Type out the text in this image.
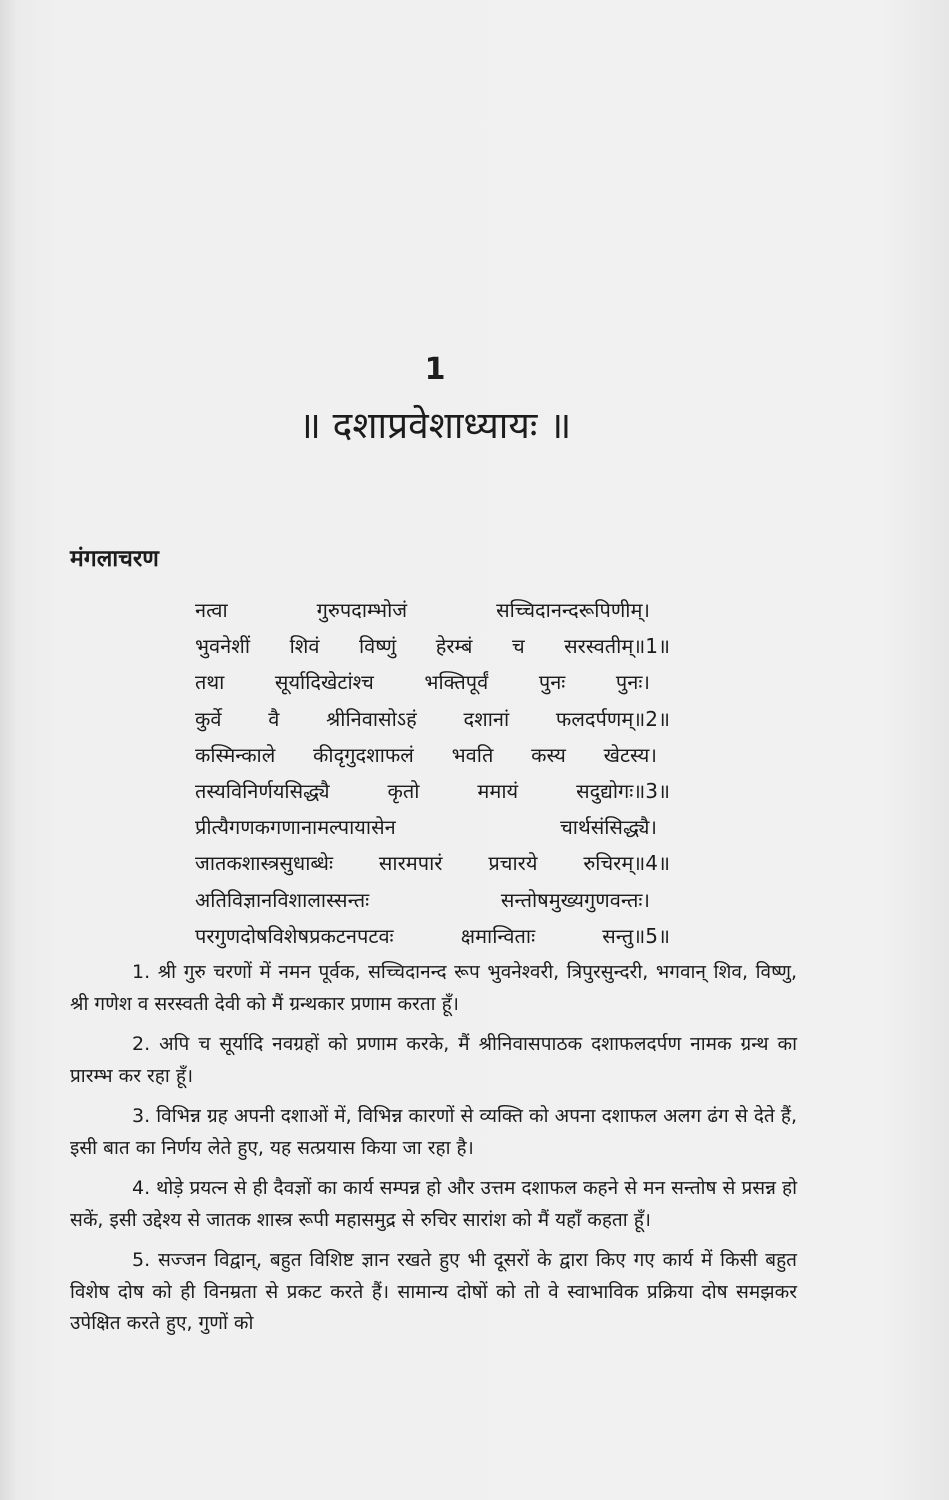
1
॥ दशाप्रवेशाध्यायः ॥
मंगलाचरण
नत्वा गुरुपदाम्भोजं सच्चिदानन्दरूपिणीम्।
भुवनेशीं शिवं विष्णुं हेरम्बं च सरस्वतीम्॥1॥
तथा सूर्यादिखेटांश्च भक्तिपूर्वं पुनः पुनः।
कुर्वे वै श्रीनिवासोऽहं दशानां फलदर्पणम्॥2॥
कस्मिन्काले कीदृगुदशाफलं भवति कस्य खेटस्य।
तस्यविनिर्णयसिद्ध्यै कृतो ममायं सदुद्योगः॥3॥
प्रीत्यैगणकगणानामल्पायासेन चार्थसंसिद्ध्यै।
जातकशास्त्रसुधाब्धेः सारमपारं प्रचारये रुचिरम्॥4॥
अतिविज्ञानविशालास्सन्तः सन्तोषमुख्यगुणवन्तः।
परगुणदोषविशेषप्रकटनपटवः क्षमान्विताः सन्तु॥5॥

1. श्री गुरु चरणों में नमन पूर्वक, सच्चिदानन्द रूप भुवनेश्वरी, त्रिपुरसुन्दरी, भगवान् शिव, विष्णु, श्री गणेश व सरस्वती देवी को मैं ग्रन्थकार प्रणाम करता हूँ।

2. अपि च सूर्यादि नवग्रहों को प्रणाम करके, मैं श्रीनिवासपाठक दशाफलदर्पण नामक ग्रन्थ का प्रारम्भ कर रहा हूँ।

3. विभिन्न ग्रह अपनी दशाओं में, विभिन्न कारणों से व्यक्ति को अपना दशाफल अलग ढंग से देते हैं, इसी बात का निर्णय लेते हुए, यह सत्प्रयास किया जा रहा है।

4. थोड़े प्रयत्न से ही दैवज्ञों का कार्य सम्पन्न हो और उत्तम दशाफल कहने से मन सन्तोष से प्रसन्न हो सकें, इसी उद्देश्य से जातक शास्त्र रूपी महासमुद्र से रुचिर सारांश को मैं यहाँ कहता हूँ।

5. सज्जन विद्वान्, बहुत विशिष्ट ज्ञान रखते हुए भी दूसरों के द्वारा किए गए कार्य में किसी बहुत विशेष दोष को ही विनम्रता से प्रकट करते हैं। सामान्य दोषों को तो वे स्वाभाविक प्रक्रिया दोष समझकर उपेक्षित करते हुए, गुणों को
